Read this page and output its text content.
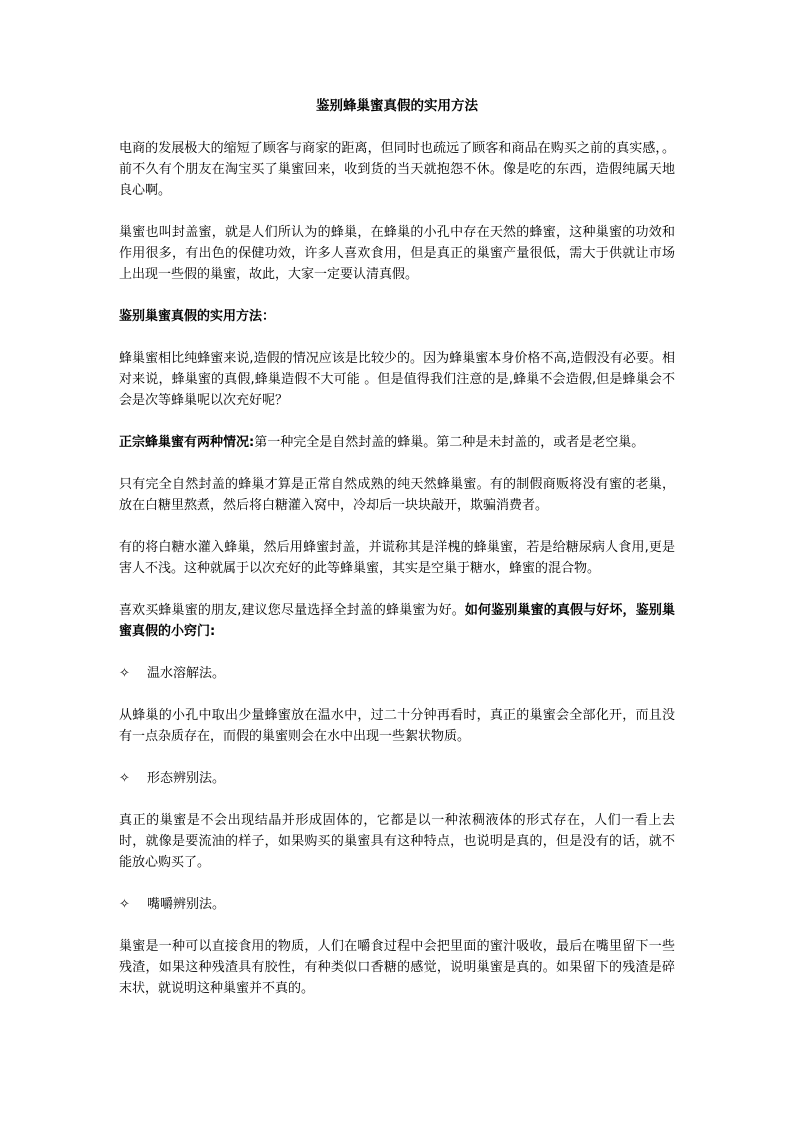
鉴别蜂巢蜜真假的实用方法
电商的发展极大的缩短了顾客与商家的距离，但同时也疏远了顾客和商品在购买之前的真实感，。前不久有个朋友在淘宝买了巢蜜回来，收到货的当天就抱怨不休。像是吃的东西，造假纯属天地良心啊。
巢蜜也叫封盖蜜，就是人们所认为的蜂巢，在蜂巢的小孔中存在天然的蜂蜜，这种巢蜜的功效和作用很多，有出色的保健功效，许多人喜欢食用，但是真正的巢蜜产量很低，需大于供就让市场上出现一些假的巢蜜，故此，大家一定要认清真假。
鉴别巢蜜真假的实用方法：
蜂巢蜜相比纯蜂蜜来说,造假的情况应该是比较少的。因为蜂巢蜜本身价格不高,造假没有必要。相对来说，蜂巢蜜的真假,蜂巢造假不大可能 。但是值得我们注意的是,蜂巢不会造假,但是蜂巢会不会是次等蜂巢呢以次充好呢？
正宗蜂巢蜜有两种情况:第一种完全是自然封盖的蜂巢。第二种是未封盖的，或者是老空巢。
只有完全自然封盖的蜂巢才算是正常自然成熟的纯天然蜂巢蜜。有的制假商贩将没有蜜的老巢，放在白糖里熬煮，然后将白糖灌入窝中，冷却后一块块敲开，欺骗消费者。
有的将白糖水灌入蜂巢，然后用蜂蜜封盖，并谎称其是洋槐的蜂巢蜜，若是给糖尿病人食用,更是害人不浅。这种就属于以次充好的此等蜂巢蜜，其实是空巢于糖水，蜂蜜的混合物。
喜欢买蜂巢蜜的朋友,建议您尽量选择全封盖的蜂巢蜜为好。如何鉴别巢蜜的真假与好坏，鉴别巢蜜真假的小窍门:
✧	温水溶解法。
从蜂巢的小孔中取出少量蜂蜜放在温水中，过二十分钟再看时，真正的巢蜜会全部化开，而且没有一点杂质存在，而假的巢蜜则会在水中出现一些絮状物质。
✧	形态辨别法。
真正的巢蜜是不会出现结晶并形成固体的，它都是以一种浓稠液体的形式存在，人们一看上去时，就像是要流油的样子，如果购买的巢蜜具有这种特点，也说明是真的，但是没有的话，就不能放心购买了。
✧	嘴嚼辨别法。
巢蜜是一种可以直接食用的物质，人们在嚼食过程中会把里面的蜜汁吸收，最后在嘴里留下一些残渣，如果这种残渣具有胶性，有种类似口香糖的感觉，说明巢蜜是真的。如果留下的残渣是碎末状，就说明这种巢蜜并不真的。
